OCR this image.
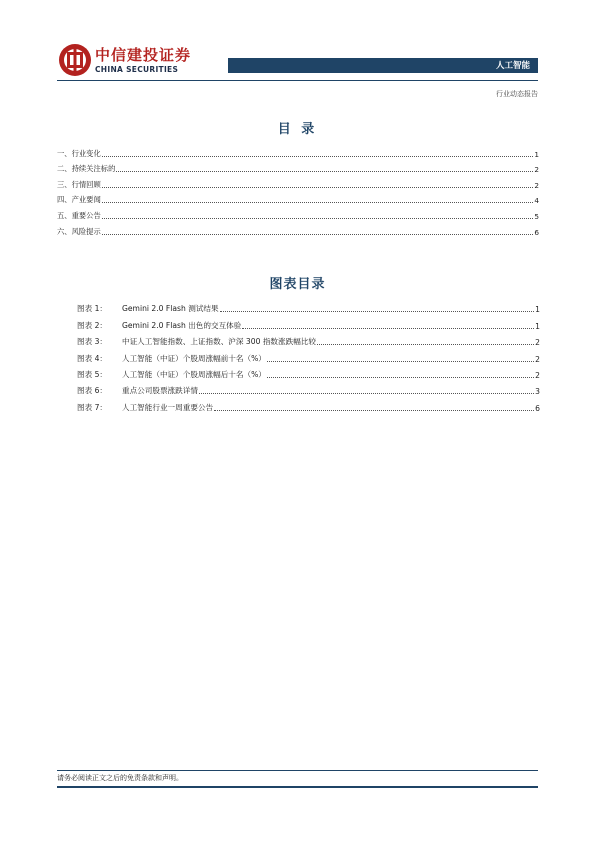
中信建投证券
CHINA SECURITIES	人工智能
行业动态报告
目 录
一、行业变化	1
二、持续关注标的	2
三、行情回顾	2
四、产业要闻	4
五、重要公告	5
六、风险提示	6
图表目录
图表 1：	Gemini 2.0 Flash 测试结果	1
图表 2：	Gemini 2.0 Flash 出色的交互体验	1
图表 3：	中证人工智能指数、上证指数、沪深 300 指数涨跌幅比较	2
图表 4：	人工智能（中证）个股周涨幅前十名（%）	2
图表 5：	人工智能（中证）个股周涨幅后十名（%）	2
图表 6：	重点公司股票涨跌详情	3
图表 7：	人工智能行业一周重要公告	6
请务必阅读正文之后的免责条款和声明。
